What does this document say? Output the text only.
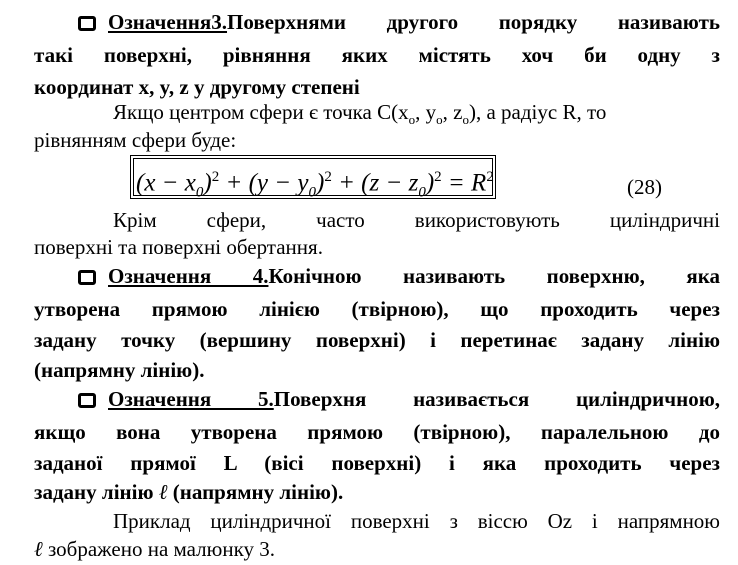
Означення3.Поверхнями другого порядку називають
такі поверхні, рівняння яких містять хоч би одну з
координат x, y, z у другому степені
Якщо центром сфери є точка $C(x_о$, $y_о$, $z_о$), а радіус R, то
рівнянням сфери буде:
$(x - x_0)^2 + (y - y_0)^2 + (z - z_0)^2 = R^2$	(28)
Крім сфери, часто використовують циліндричні
поверхні та поверхні обертання.
Означення 4.Конічною називають поверхню, яка
утворена прямою лінією (твірною), що проходить через
задану точку (вершину поверхні) і перетинає задану лінію
(напрямну лінію).
Означення 5.Поверхня називається циліндричною,
якщо вона утворена прямою (твірною), паралельною до
заданої прямої L (вісі поверхні) і яка проходить через
задану лінію ℓ (напрямну лінію).
Приклад циліндричної поверхні з віссю Oz і напрямною
ℓ зображено на малюнку 3.
